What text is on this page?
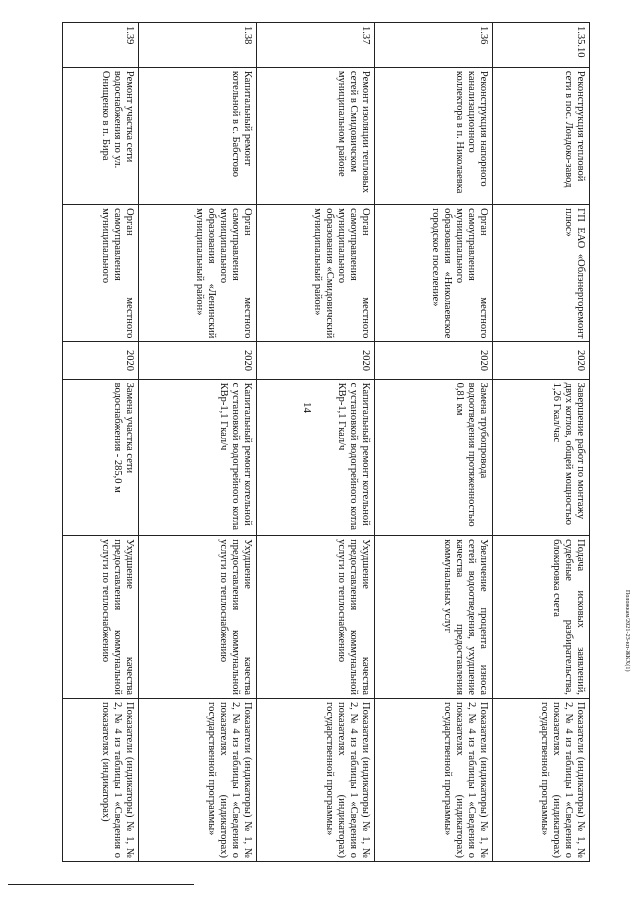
14
1.35.10	Реконструкция тепловой сети в пос. Лондоко-завод	ГП ЕАО «Облэнергоремонт плюс»	2020	Завершение работ по монтажу двух котлов, общей мощностью 1,26 Гкал/час	Подача исковых заявлений, судебные разбирательства, блокировка счета	Показатели (индикаторы) № 1, № 2, № 4 из таблицы 1 «Сведения о показателях (индикаторах) государственной программы»
1.36	Реконструкция напорного канализационного коллектора в п. Николаевка	Орган местного самоуправления муниципального образования «Николаевское городское поселение»	2020	Замена трубопровода водоотведения протяженностью 0,81 км	Увеличение процента износа сетей водоотведения, ухудшение качества предоставления коммунальных услуг	Показатели (индикаторы) № 1, № 2, № 4 из таблицы 1 «Сведения о показателях (индикаторах) государственной программы»
1.37	Ремонт изоляции тепловых сетей в Смидовичском муниципальном районе	Орган местного самоуправления муниципального образования «Смидовичский муниципальный район»	2020	Капитальный ремонт котельной с установкой водогрейного котла КВр-1,1 Гкал/ч	Ухудшение качества предоставления коммунальной услуги по теплоснабжению	Показатели (индикаторы) № 1, № 2, № 4 из таблицы 1 «Сведения о показателях (индикаторах) государственной программы»
1.38	Капитальный ремонт котельной в с. Бабстово	Орган местного самоуправления муниципального образования «Ленинский муниципальный район»	2020	Капитальный ремонт котельной с установкой водогрейного котла КВр-1,1 Гкал/ч	Ухудшение качества предоставления коммунальной услуги по теплоснабжению	Показатели (индикаторы) № 1, № 2, № 4 из таблицы 1 «Сведения о показателях (индикаторах) государственной программы»
1.39	Ремонт участка сети водоснабжения по ул. Онищенко в п. Бира	Орган местного самоуправления муниципального	2020	Замена участка сети водоснабжения - 285,0 м	Ухудшение качества предоставления коммунальной услуги по теплоснабжению	Показатели (индикаторы) № 1, № 2, № 4 из таблицы 1 «Сведения о показателях (индикаторах)
Положкам/2021-23-кп-ЖКХ(1)
